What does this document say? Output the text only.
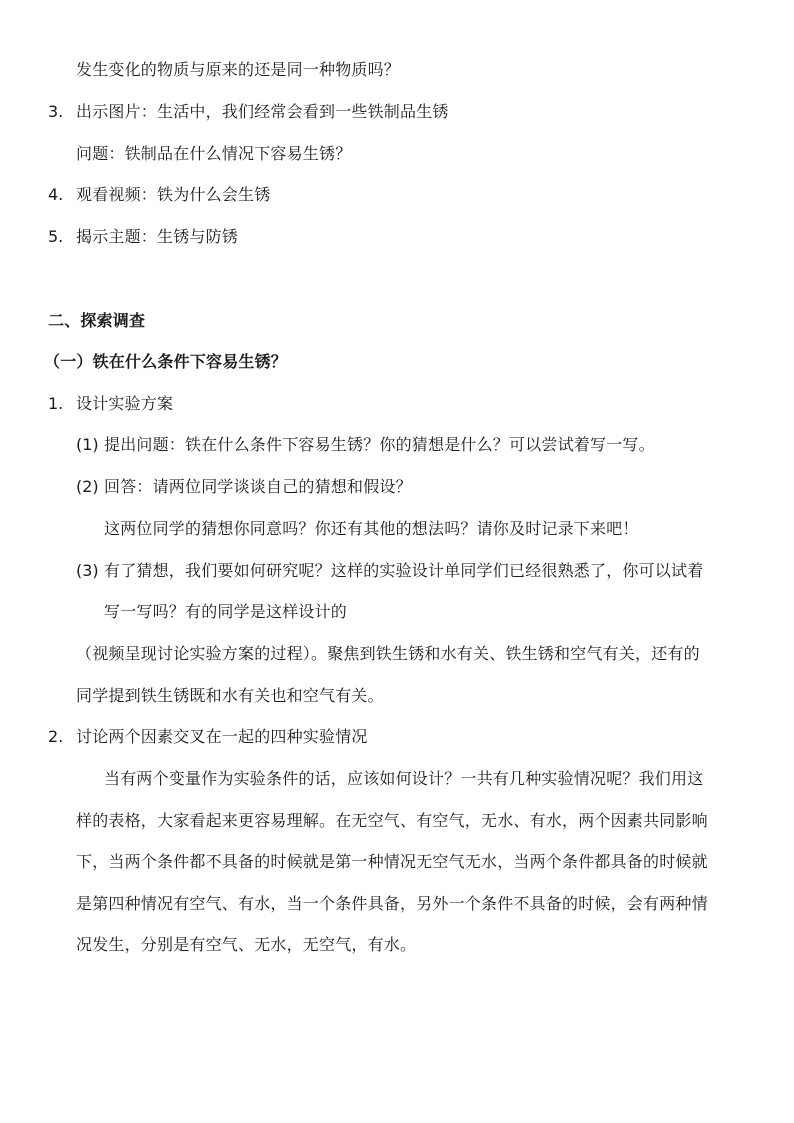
发生变化的物质与原来的还是同一种物质吗？
3. 出示图片：生活中，我们经常会看到一些铁制品生锈
问题：铁制品在什么情况下容易生锈？
4. 观看视频：铁为什么会生锈
5. 揭示主题：生锈与防锈
二、探索调查
（一）铁在什么条件下容易生锈？
1. 设计实验方案
(1) 提出问题：铁在什么条件下容易生锈？你的猜想是什么？可以尝试着写一写。
(2) 回答：请两位同学谈谈自己的猜想和假设？
这两位同学的猜想你同意吗？你还有其他的想法吗？请你及时记录下来吧！
(3) 有了猜想，我们要如何研究呢？这样的实验设计单同学们已经很熟悉了，你可以试着
写一写吗？有的同学是这样设计的
（视频呈现讨论实验方案的过程）。聚焦到铁生锈和水有关、铁生锈和空气有关，还有的
同学提到铁生锈既和水有关也和空气有关。
2. 讨论两个因素交叉在一起的四种实验情况
当有两个变量作为实验条件的话，应该如何设计？一共有几种实验情况呢？我们用这
样的表格，大家看起来更容易理解。在无空气、有空气，无水、有水，两个因素共同影响
下，当两个条件都不具备的时候就是第一种情况无空气无水，当两个条件都具备的时候就
是第四种情况有空气、有水，当一个条件具备，另外一个条件不具备的时候，会有两种情
况发生，分别是有空气、无水，无空气，有水。
